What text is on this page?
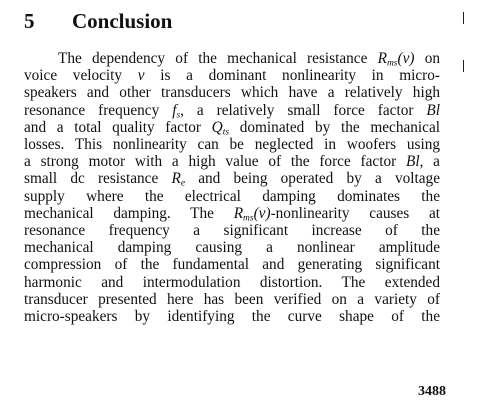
5 Conclusion
The dependency of the mechanical resistance $R_{ms}(v)$ on
voice velocity v is a dominant nonlinearity in micro-
speakers and other transducers which have a relatively high
resonance frequency $f_s$, a relatively small force factor Bl
and a total quality factor $Q_{ts}$ dominated by the mechanical
losses. This nonlinearity can be neglected in woofers using
a strong motor with a high value of the force factor Bl, a
small dc resistance $R_e$ and being operated by a voltage
supply where the electrical damping dominates the
mechanical damping. The $R_{ms}(v)$-nonlinearity causes at
resonance frequency a significant increase of the
mechanical damping causing a nonlinear amplitude
compression of the fundamental and generating significant
harmonic and intermodulation distortion. The extended
transducer presented here has been verified on a variety of
micro-speakers by identifying the curve shape of the
3488
